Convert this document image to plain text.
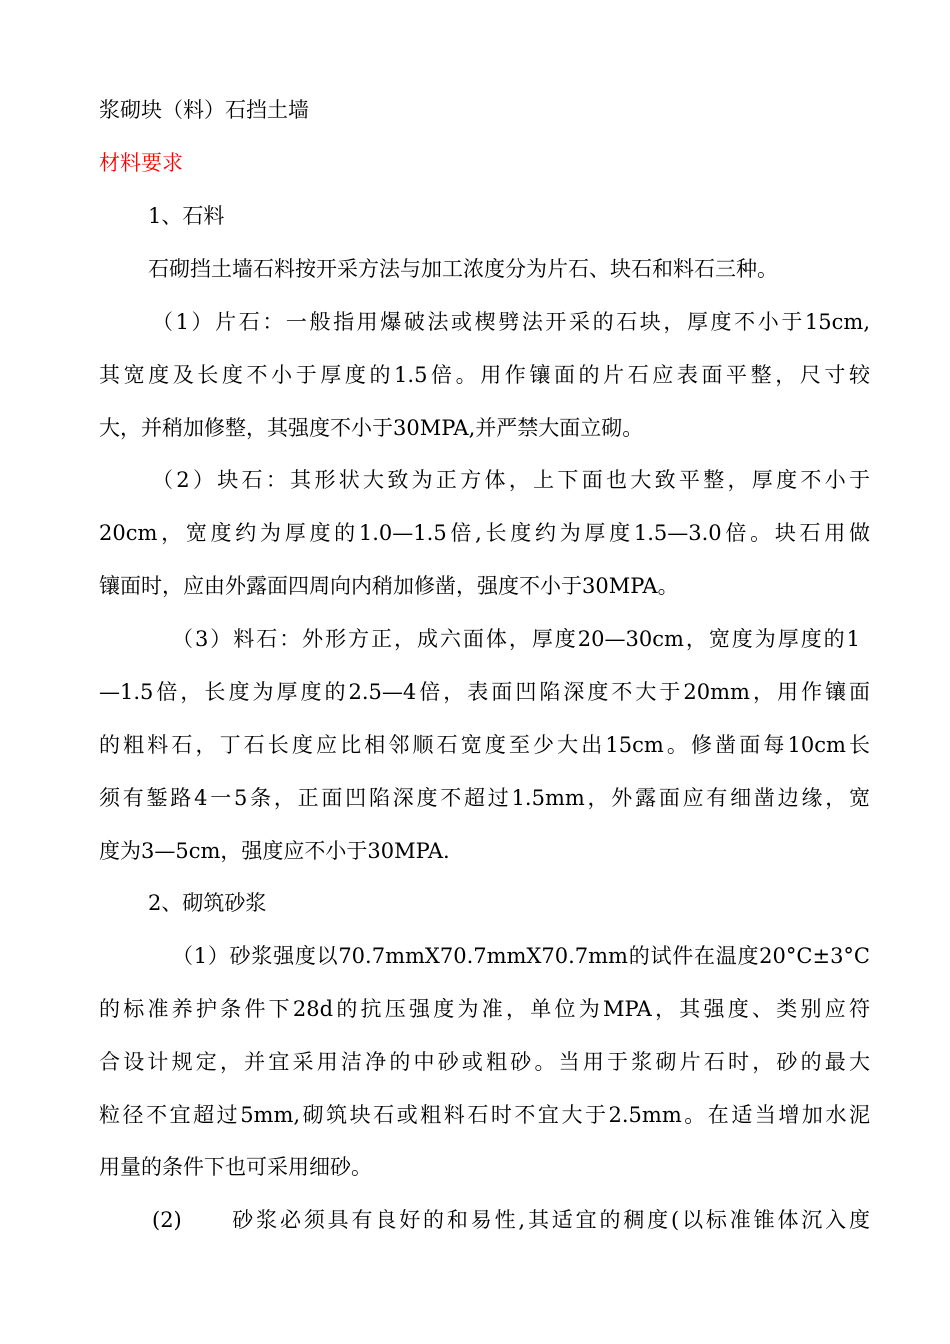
浆砌块（料）石挡土墙
材料要求
1、石料
石砌挡土墙石料按开采方法与加工浓度分为片石、块石和料石三种。
（1）片石：一般指用爆破法或楔劈法开采的石块，厚度不小于15cm,
其宽度及长度不小于厚度的1.5倍。用作镶面的片石应表面平整，尺寸较
大，并稍加修整，其强度不小于30MPA,并严禁大面立砌。
（2）块石：其形状大致为正方体，上下面也大致平整，厚度不小于
20cm，宽度约为厚度的1.0—1.5倍,长度约为厚度1.5—3.0倍。块石用做
镶面时，应由外露面四周向内稍加修凿，强度不小于30MPA。
（3）料石：外形方正，成六面体，厚度20—30cm，宽度为厚度的1
—1.5倍，长度为厚度的2.5—4倍，表面凹陷深度不大于20mm，用作镶面
的粗料石，丁石长度应比相邻顺石宽度至少大出15cm。修凿面每10cm长
须有錾路4一5条，正面凹陷深度不超过1.5mm，外露面应有细凿边缘，宽
度为3—5cm，强度应不小于30MPA.
2、砌筑砂浆
（1）砂浆强度以70.7mmX70.7mmX70.7mm的试件在温度20°C±3°C
的标准养护条件下28d的抗压强度为准，单位为MPA，其强度、类别应符
合设计规定，并宜采用洁净的中砂或粗砂。当用于浆砌片石时，砂的最大
粒径不宜超过5mm,砌筑块石或粗料石时不宜大于2.5mm。在适当增加水泥
用量的条件下也可采用细砂。
(2)　　砂浆必须具有良好的和易性,其适宜的稠度(以标准锥体沉入度
